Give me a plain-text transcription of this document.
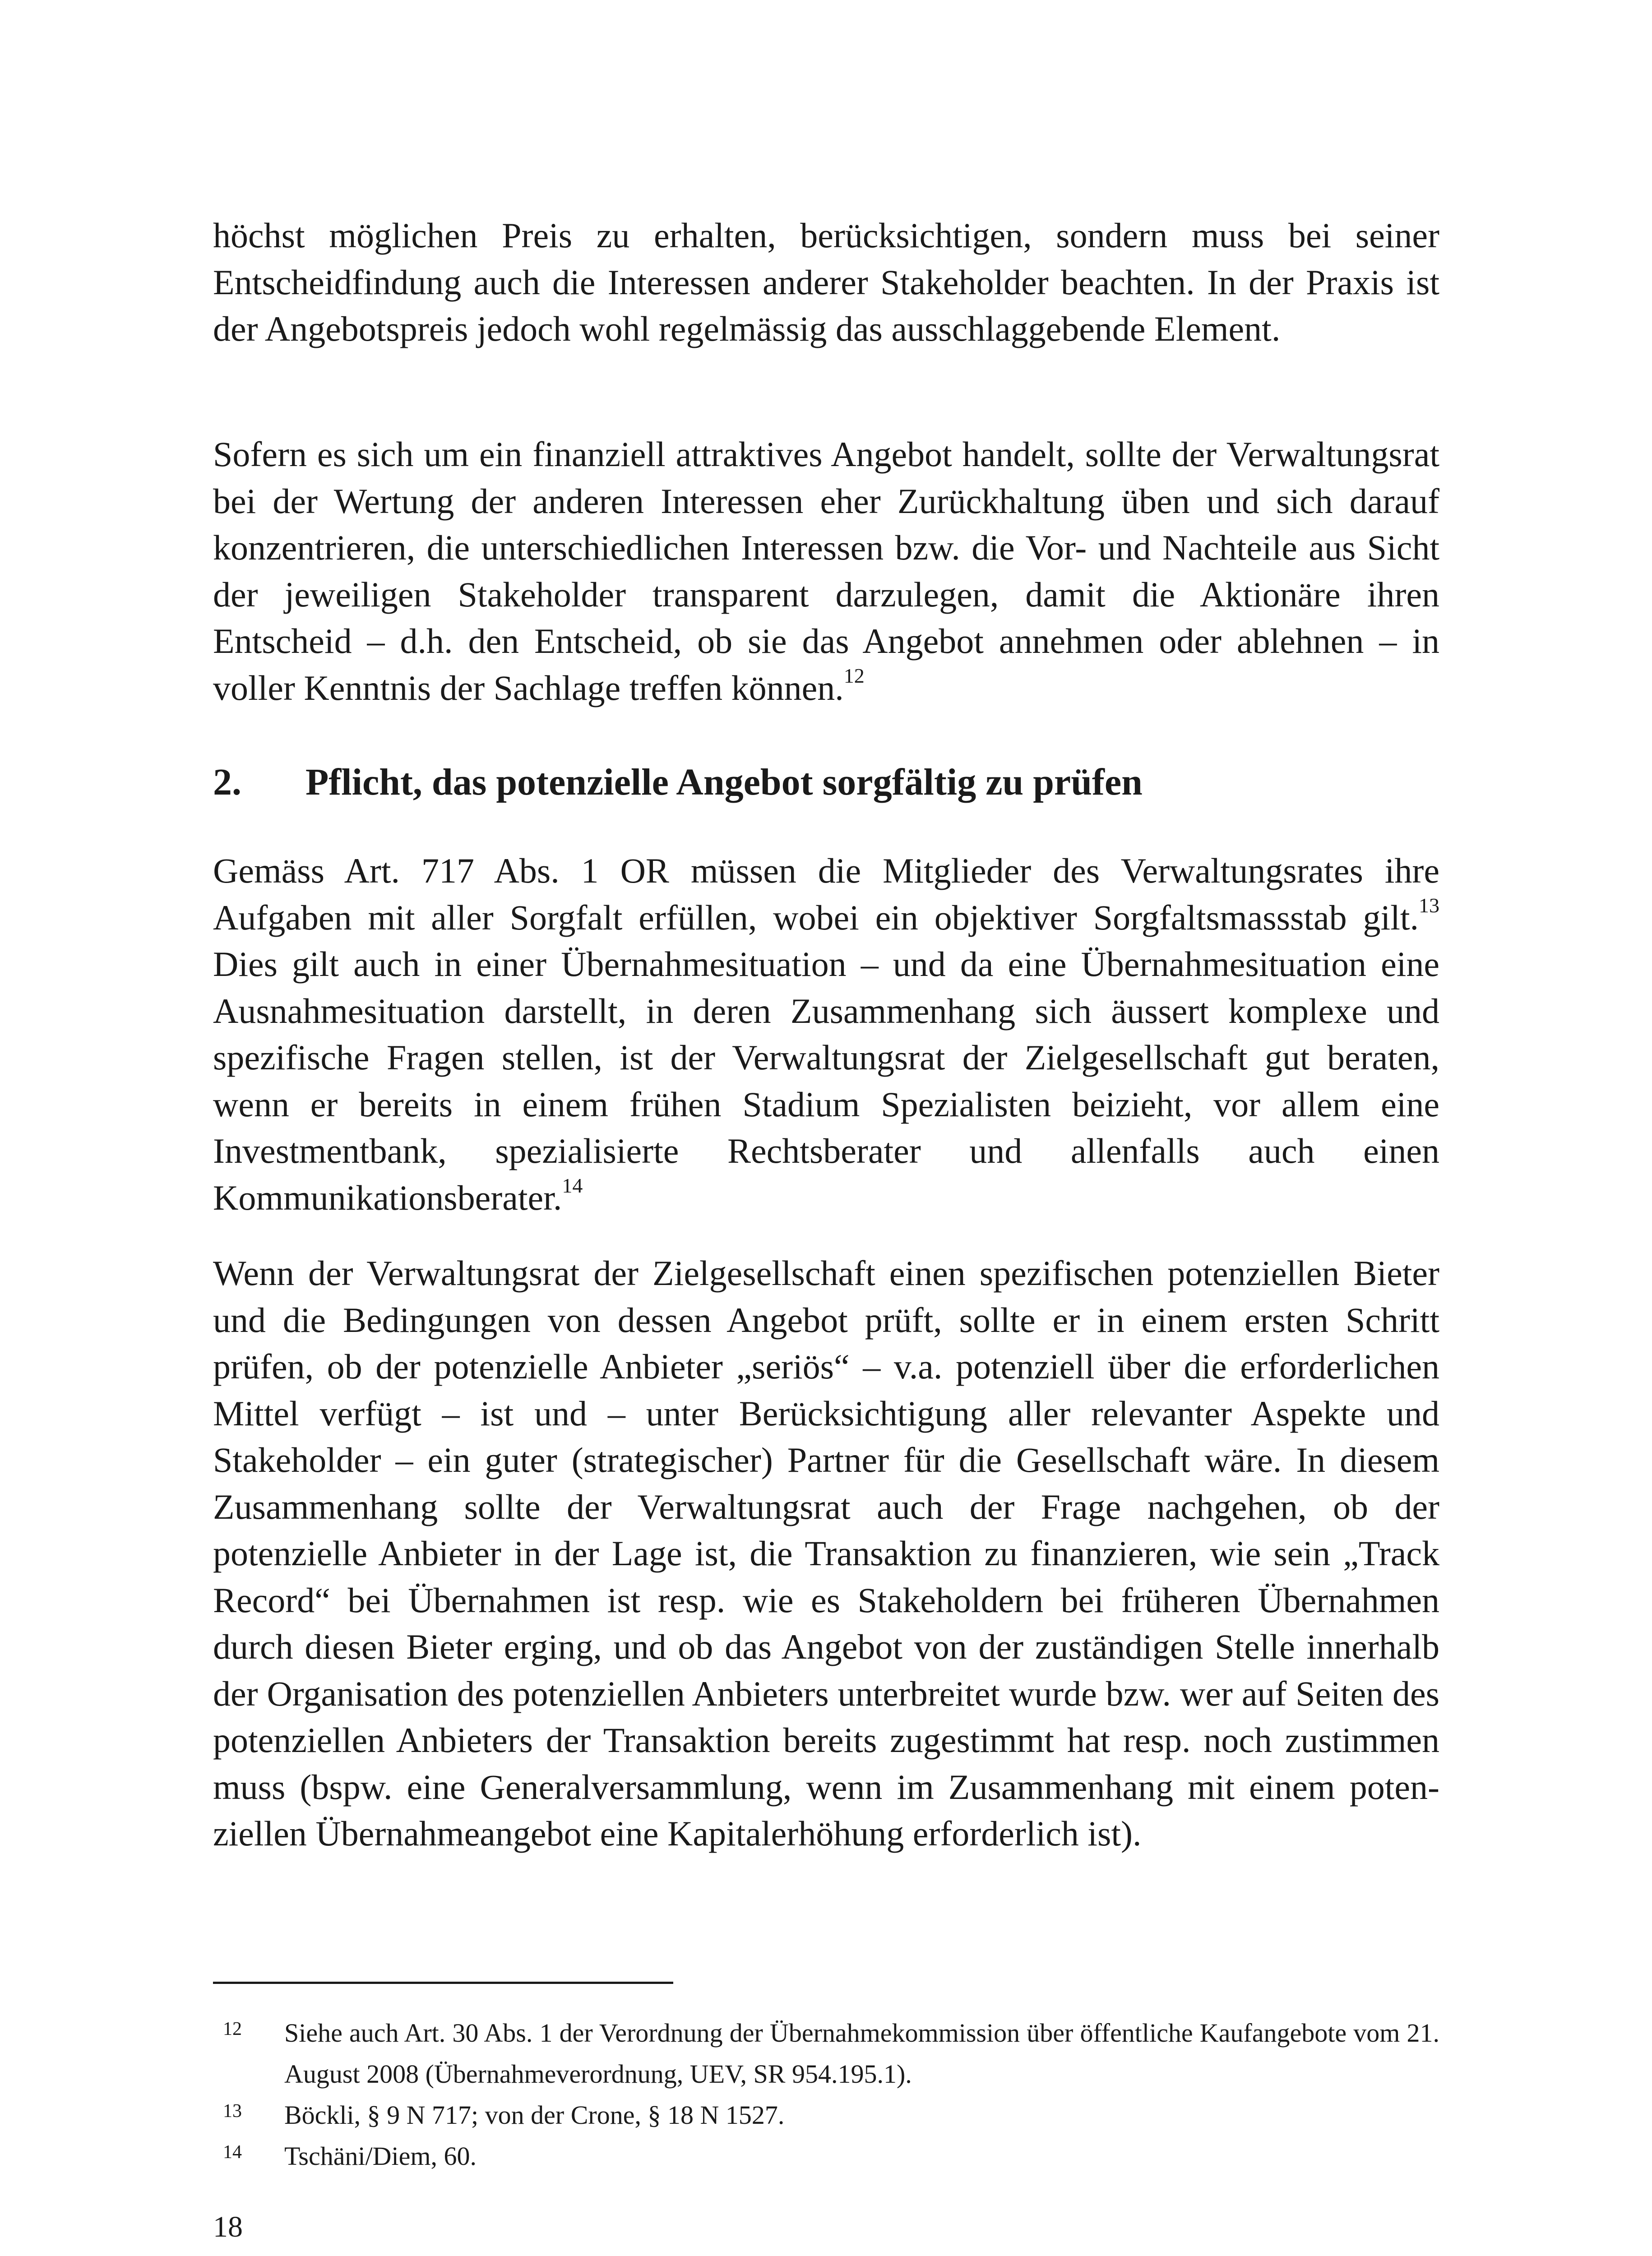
höchst möglichen Preis zu erhalten, berücksichtigen, sondern muss bei seiner Entscheidfindung auch die Interessen anderer Stakeholder beachten. In der Praxis ist der Angebotspreis jedoch wohl regelmässig das ausschlaggebende Element.
Sofern es sich um ein finanziell attraktives Angebot handelt, sollte der Verwaltungsrat bei der Wertung der anderen Interessen eher Zurückhaltung üben und sich darauf konzentrieren, die unterschiedlichen Interessen bzw. die Vor- und Nachteile aus Sicht der jeweiligen Stakeholder transparent darzulegen, damit die Aktionäre ihren Entscheid – d.h. den Entscheid, ob sie das Angebot annehmen oder ablehnen – in voller Kenntnis der Sachlage treffen können.$^{12}$
2. Pflicht, das potenzielle Angebot sorgfältig zu prüfen
Gemäss Art. 717 Abs. 1 OR müssen die Mitglieder des Verwaltungsrates ihre Aufgaben mit aller Sorgfalt erfüllen, wobei ein objektiver Sorgfaltsmassstab gilt.$^{13}$ Dies gilt auch in einer Übernahmesituation – und da eine Übernahmesituation eine Ausnahmesituation darstellt, in deren Zusammenhang sich äussert komplexe und spezifische Fragen stellen, ist der Verwaltungsrat der Zielgesellschaft gut beraten, wenn er bereits in einem frühen Stadium Spezialisten beizieht, vor allem eine Investmentbank, spezialisierte Rechtsberater und allenfalls auch einen Kommunikationsberater.$^{14}$
Wenn der Verwaltungsrat der Zielgesellschaft einen spezifischen potenziellen Bieter und die Bedingungen von dessen Angebot prüft, sollte er in einem ersten Schritt prüfen, ob der potenzielle Anbieter „seriös“ – v.a. potenziell über die erforderlichen Mittel verfügt – ist und – unter Berücksichtigung aller relevanter Aspekte und Stakeholder – ein guter (strategischer) Partner für die Gesellschaft wäre. In diesem Zusammenhang sollte der Verwaltungsrat auch der Frage nachgehen, ob der potenzielle Anbieter in der Lage ist, die Transaktion zu finanzieren, wie sein „Track Record“ bei Übernahmen ist resp. wie es Stakeholdern bei früheren Übernahmen durch diesen Bieter erging, und ob das Angebot von der zuständigen Stelle innerhalb der Organisation des potenziellen Anbieters unterbreitet wurde bzw. wer auf Seiten des potenziellen Anbieters der Transaktion bereits zugestimmt hat resp. noch zustimmen muss (bspw. eine Generalversammlung, wenn im Zusammenhang mit einem potenziellen Übernahmeangebot eine Kapitalerhöhung erforderlich ist).
12 Siehe auch Art. 30 Abs. 1 der Verordnung der Übernahmekommission über öffentliche Kaufangebote vom 21. August 2008 (Übernahmeverordnung, UEV, SR 954.195.1).
13 Böckli, § 9 N 717; von der Crone, § 18 N 1527.
14 Tschäni/Diem, 60.
18
